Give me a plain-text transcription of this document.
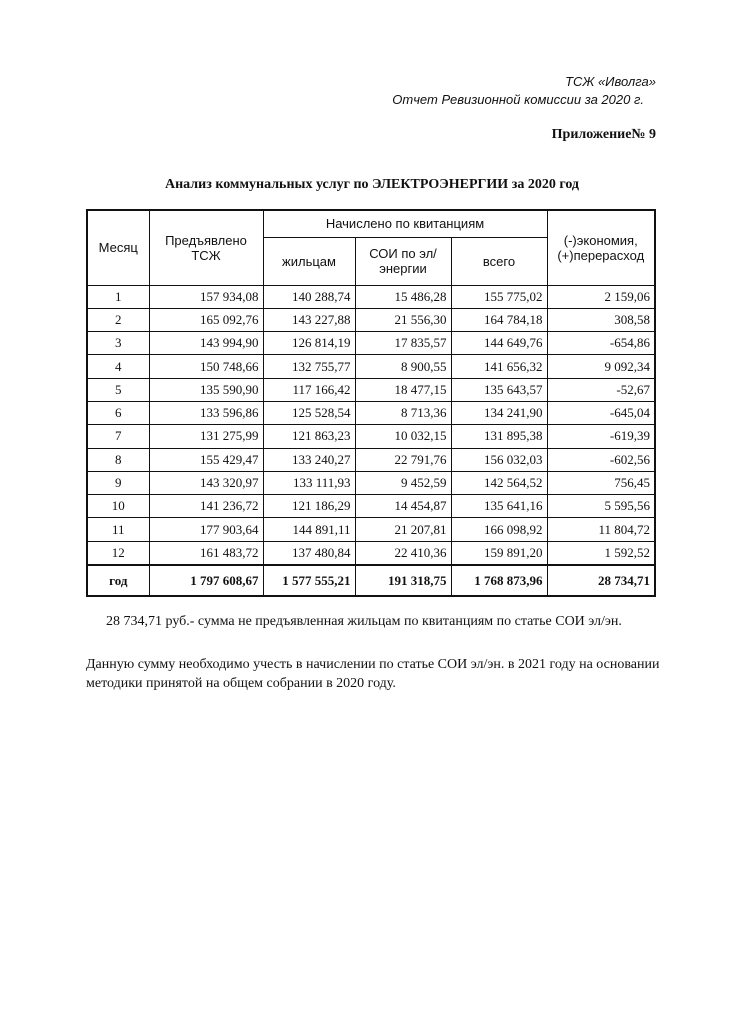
ТСЖ «Иволга»
Отчет Ревизионной комиссии за 2020 г.
Приложение№ 9
Анализ коммунальных услуг по ЭЛЕКТРОЭНЕРГИИ за 2020 год
Месяц	Предъявлено ТСЖ	Начислено по квитанциям			(-)экономия, (+)перерасход
		жильцам	СОИ по эл/энергии	всего	
1	157 934,08	140 288,74	15 486,28	155 775,02	2 159,06
2	165 092,76	143 227,88	21 556,30	164 784,18	308,58
3	143 994,90	126 814,19	17 835,57	144 649,76	-654,86
4	150 748,66	132 755,77	8 900,55	141 656,32	9 092,34
5	135 590,90	117 166,42	18 477,15	135 643,57	-52,67
6	133 596,86	125 528,54	8 713,36	134 241,90	-645,04
7	131 275,99	121 863,23	10 032,15	131 895,38	-619,39
8	155 429,47	133 240,27	22 791,76	156 032,03	-602,56
9	143 320,97	133 111,93	9 452,59	142 564,52	756,45
10	141 236,72	121 186,29	14 454,87	135 641,16	5 595,56
11	177 903,64	144 891,11	21 207,81	166 098,92	11 804,72
12	161 483,72	137 480,84	22 410,36	159 891,20	1 592,52
год	1 797 608,67	1 577 555,21	191 318,75	1 768 873,96	28 734,71
28 734,71 руб.- сумма не предъявленная жильцам по квитанциям по статье СОИ эл/эн.
Данную сумму необходимо учесть в начислении по статье СОИ эл/эн. в 2021 году на основании методики принятой на общем собрании в 2020 году.
